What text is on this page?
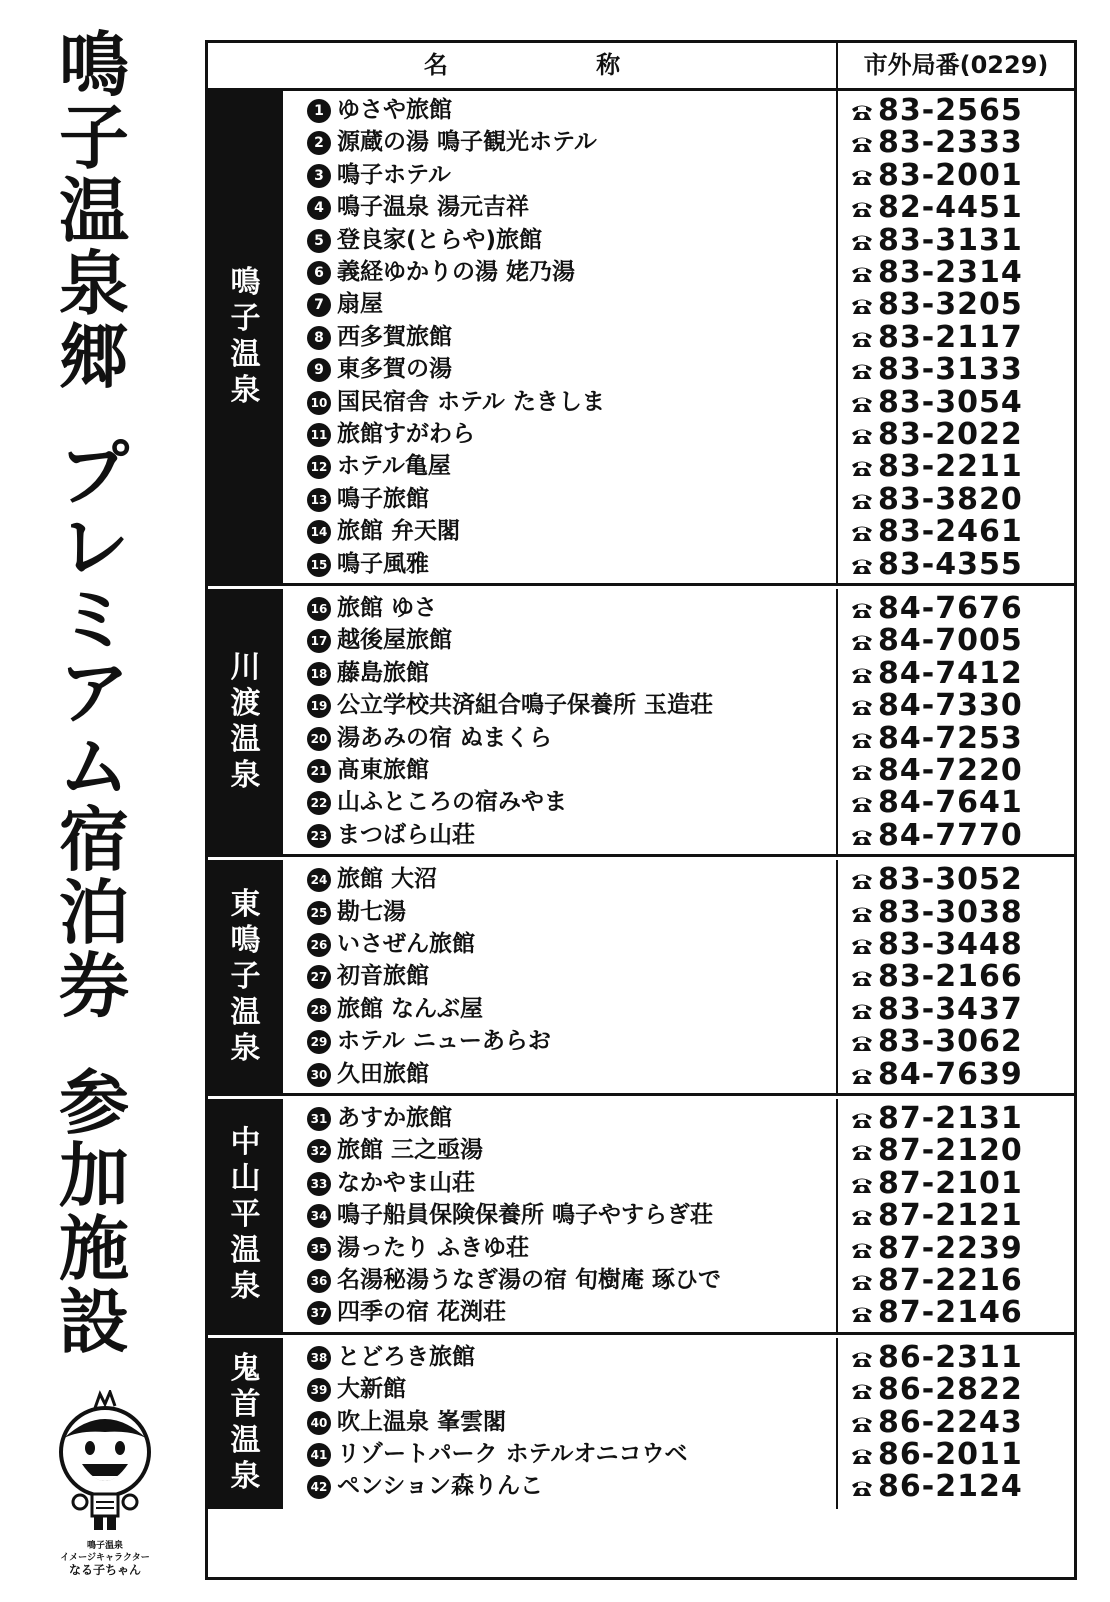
鳴
子
温
泉
郷
プ
レ
ミ
ア
ム
宿
泊
券
参
加
施
設
鳴子温泉
イメージキャラクター
なる子ちゃん
名 称	市外局番(0229)
鳴
子
温
泉
1 ゆさや旅館	83-2565
2 源蔵の湯 鳴子観光ホテル	83-2333
3 鳴子ホテル	83-2001
4 鳴子温泉 湯元吉祥	82-4451
5 登良家(とらや)旅館	83-3131
6 義経ゆかりの湯 姥乃湯	83-2314
7 扇屋	83-3205
8 西多賀旅館	83-2117
9 東多賀の湯	83-3133
10 国民宿舎 ホテル たきしま	83-3054
11 旅館すがわら	83-2022
12 ホテル亀屋	83-2211
13 鳴子旅館	83-3820
14 旅館 弁天閣	83-2461
15 鳴子風雅	83-4355
川
渡
温
泉
16 旅館 ゆさ	84-7676
17 越後屋旅館	84-7005
18 藤島旅館	84-7412
19 公立学校共済組合鳴子保養所 玉造荘	84-7330
20 湯あみの宿 ぬまくら	84-7253
21 髙東旅館	84-7220
22 山ふところの宿みやま	84-7641
23 まつばら山荘	84-7770
東
鳴
子
温
泉
24 旅館 大沼	83-3052
25 勘七湯	83-3038
26 いさぜん旅館	83-3448
27 初音旅館	83-2166
28 旅館 なんぶ屋	83-3437
29 ホテル ニューあらお	83-3062
30 久田旅館	84-7639
中
山
平
温
泉
31 あすか旅館	87-2131
32 旅館 三之亟湯	87-2120
33 なかやま山荘	87-2101
34 鳴子船員保険保養所 鳴子やすらぎ荘	87-2121
35 湯ったり ふきゆ荘	87-2239
36 名湯秘湯うなぎ湯の宿 旬樹庵 琢ひで	87-2216
37 四季の宿 花渕荘	87-2146
鬼
首
温
泉
38 とどろき旅館	86-2311
39 大新館	86-2822
40 吹上温泉 峯雲閣	86-2243
41 リゾートパーク ホテルオニコウベ	86-2011
42 ペンション森りんこ	86-2124
